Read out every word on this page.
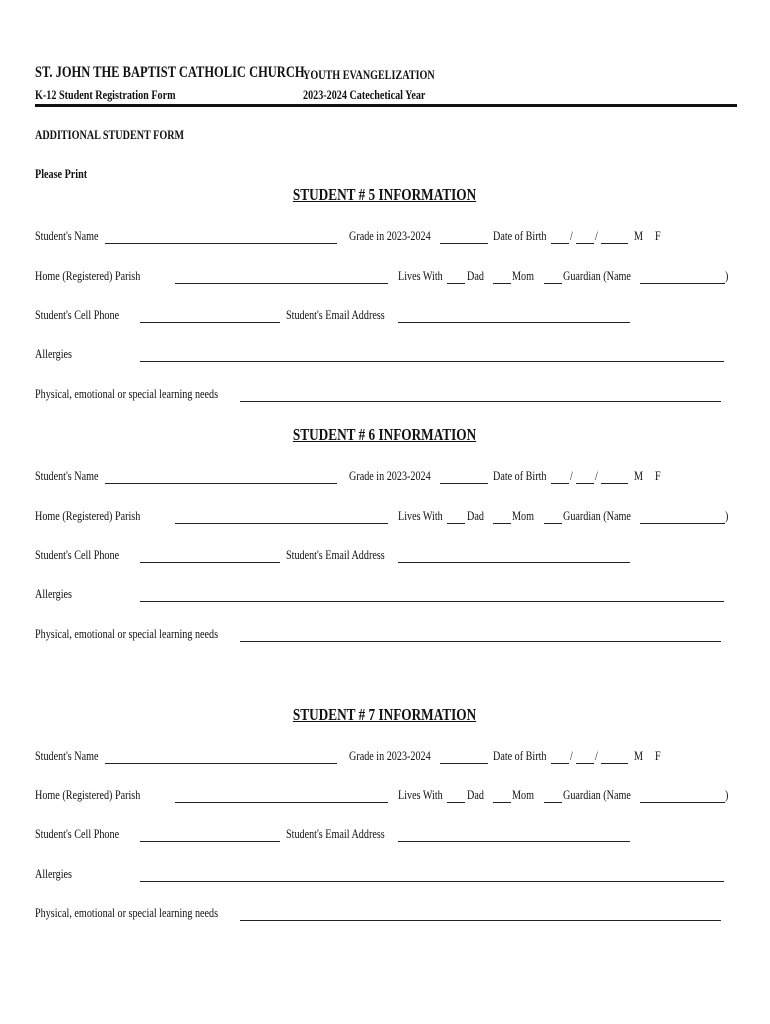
ST. JOHN THE BAPTIST CATHOLIC CHURCH
YOUTH EVANGELIZATION
K-12 Student Registration Form	2023-2024 Catechetical Year
ADDITIONAL STUDENT FORM
Please Print
STUDENT # 5 INFORMATION
Student's Name	Grade in 2023-2024	Date of Birth / /	M F
Home (Registered) Parish	Lives With Dad Mom Guardian (Name	)
Student's Cell Phone	Student's Email Address
Allergies
Physical, emotional or special learning needs
STUDENT # 6 INFORMATION
Student's Name	Grade in 2023-2024	Date of Birth / /	M F
Home (Registered) Parish	Lives With Dad Mom Guardian (Name	)
Student's Cell Phone	Student's Email Address
Allergies
Physical, emotional or special learning needs
STUDENT # 7 INFORMATION
Student's Name	Grade in 2023-2024	Date of Birth / /	M F
Home (Registered) Parish	Lives With Dad Mom Guardian (Name	)
Student's Cell Phone	Student's Email Address
Allergies
Physical, emotional or special learning needs
